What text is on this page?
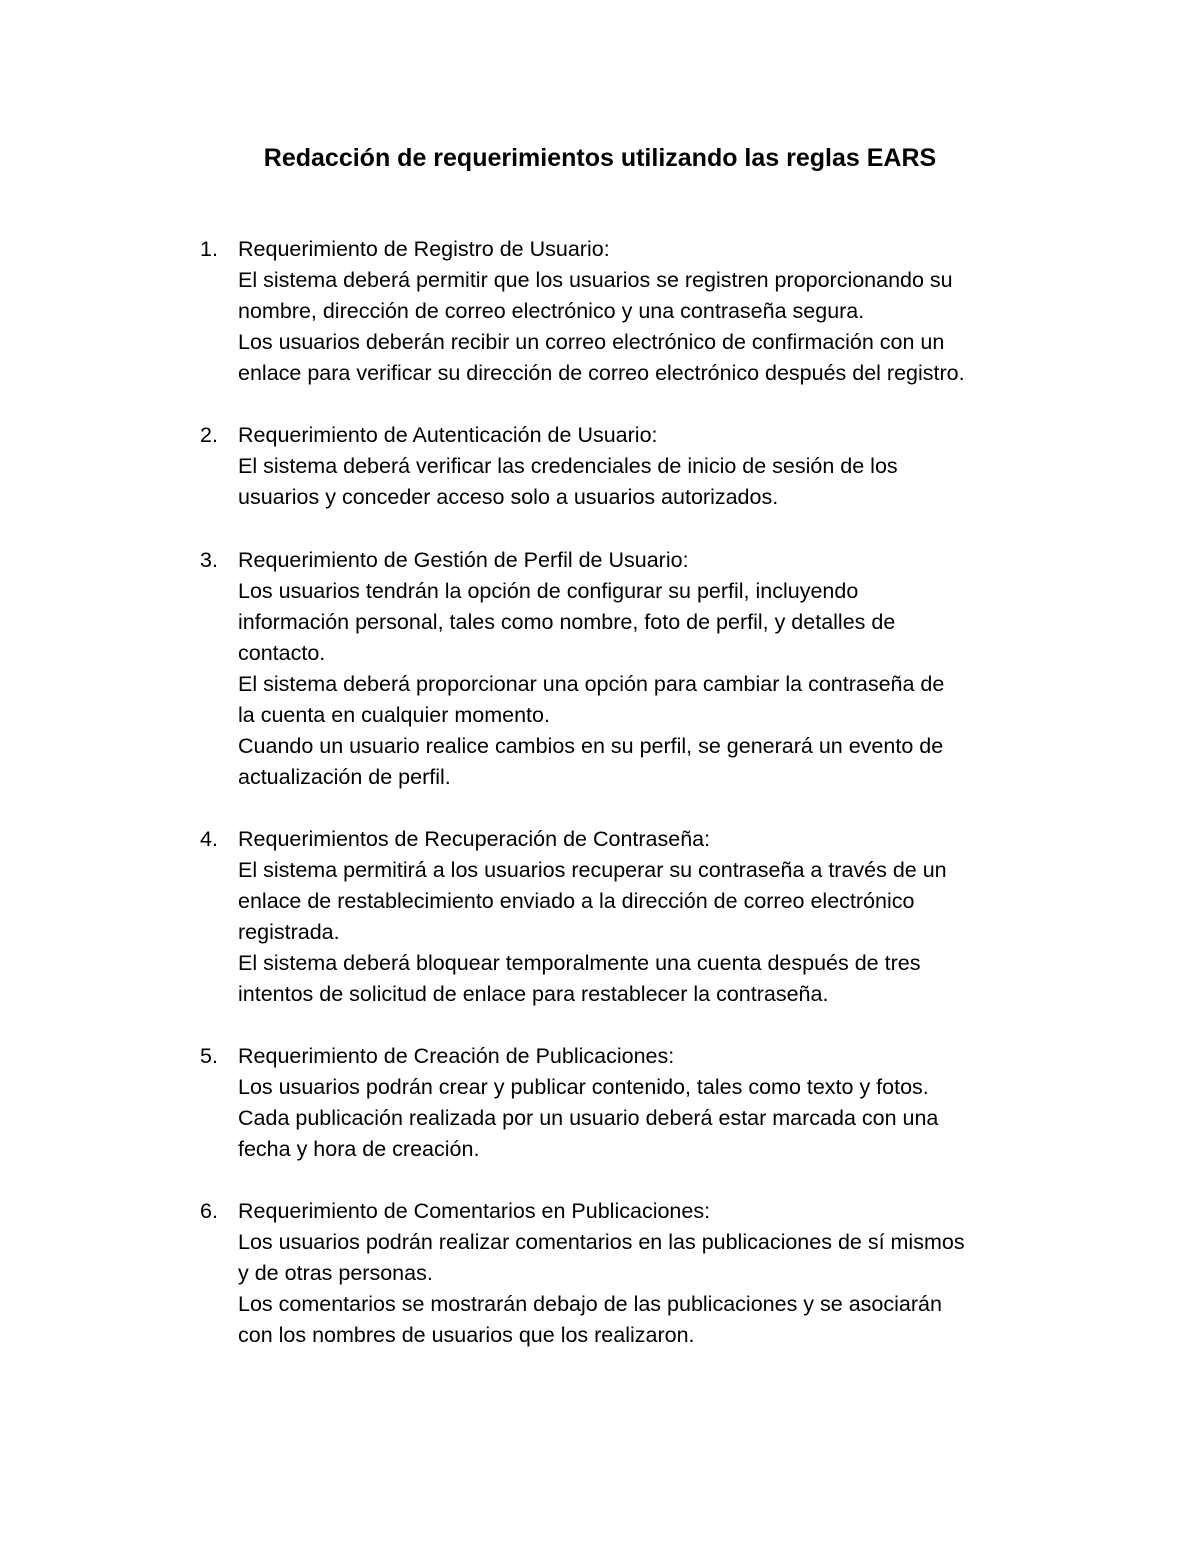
Redacción de requerimientos utilizando las reglas EARS
1. Requerimiento de Registro de Usuario:
El sistema deberá permitir que los usuarios se registren proporcionando su
nombre, dirección de correo electrónico y una contraseña segura.
Los usuarios deberán recibir un correo electrónico de confirmación con un
enlace para verificar su dirección de correo electrónico después del registro.
2. Requerimiento de Autenticación de Usuario:
El sistema deberá verificar las credenciales de inicio de sesión de los
usuarios y conceder acceso solo a usuarios autorizados.
3. Requerimiento de Gestión de Perfil de Usuario:
Los usuarios tendrán la opción de configurar su perfil, incluyendo
información personal, tales como nombre, foto de perfil, y detalles de
contacto.
El sistema deberá proporcionar una opción para cambiar la contraseña de
la cuenta en cualquier momento.
Cuando un usuario realice cambios en su perfil, se generará un evento de
actualización de perfil.
4. Requerimientos de Recuperación de Contraseña:
El sistema permitirá a los usuarios recuperar su contraseña a través de un
enlace de restablecimiento enviado a la dirección de correo electrónico
registrada.
El sistema deberá bloquear temporalmente una cuenta después de tres
intentos de solicitud de enlace para restablecer la contraseña.
5. Requerimiento de Creación de Publicaciones:
Los usuarios podrán crear y publicar contenido, tales como texto y fotos.
Cada publicación realizada por un usuario deberá estar marcada con una
fecha y hora de creación.
6. Requerimiento de Comentarios en Publicaciones:
Los usuarios podrán realizar comentarios en las publicaciones de sí mismos
y de otras personas.
Los comentarios se mostrarán debajo de las publicaciones y se asociarán
con los nombres de usuarios que los realizaron.
